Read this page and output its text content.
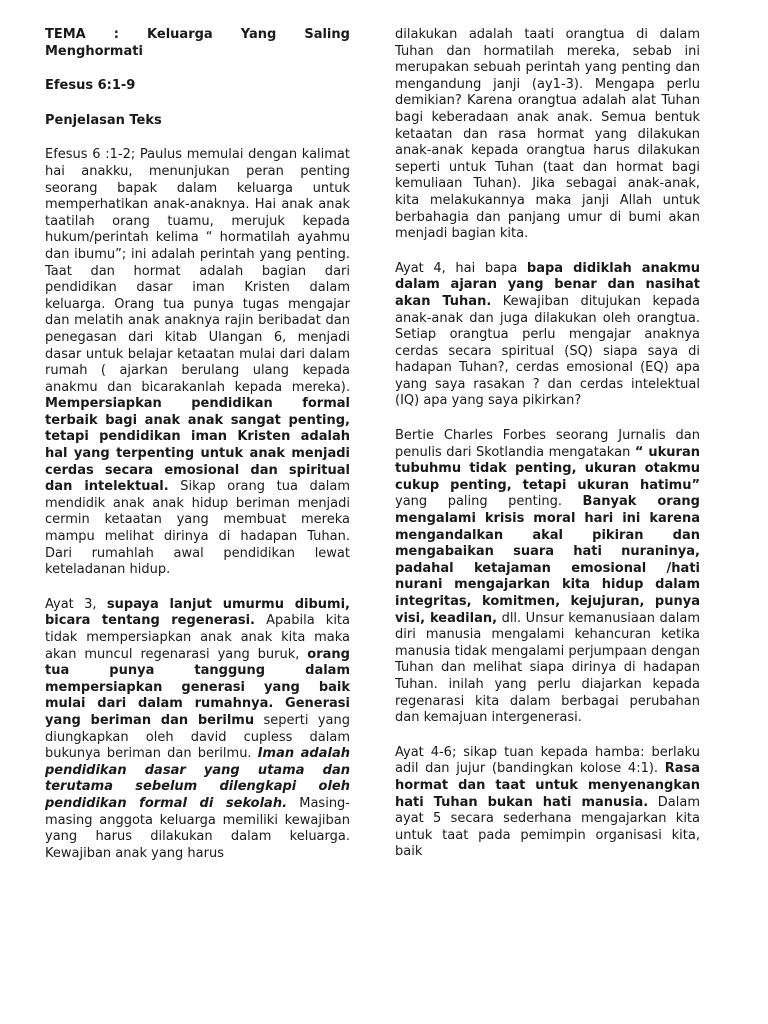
TEMA : Keluarga Yang Saling
Menghormati
Efesus 6:1-9
Penjelasan Teks

Efesus 6 :1-2; Paulus memulai dengan kalimat hai anakku, menunjukan peran penting seorang bapak dalam keluarga untuk memperhatikan anak-anaknya. Hai anak anak taatilah orang tuamu, merujuk kepada hukum/perintah kelima “ hormatilah ayahmu dan ibumu”; ini adalah perintah yang penting. Taat dan hormat adalah bagian dari pendidikan dasar iman Kristen dalam keluarga. Orang tua punya tugas mengajar dan melatih anak anaknya rajin beribadat dan penegasan dari kitab Ulangan 6, menjadi dasar untuk belajar ketaatan mulai dari dalam rumah ( ajarkan berulang ulang kepada anakmu dan bicarakanlah kepada mereka). Mempersiapkan pendidikan formal terbaik bagi anak anak sangat penting, tetapi pendidikan iman Kristen adalah hal yang terpenting untuk anak menjadi cerdas secara emosional dan spiritual dan intelektual. Sikap orang tua dalam mendidik anak anak hidup beriman menjadi cermin ketaatan yang membuat mereka mampu melihat dirinya di hadapan Tuhan. Dari rumahlah awal pendidikan lewat keteladanan hidup.

Ayat 3, supaya lanjut umurmu dibumi, bicara tentang regenerasi. Apabila kita tidak mempersiapkan anak anak kita maka akan muncul regenarasi yang buruk, orang tua punya tanggung dalam mempersiapkan generasi yang baik mulai dari dalam rumahnya. Generasi yang beriman dan berilmu seperti yang diungkapkan oleh david cupless dalam bukunya beriman dan berilmu. Iman adalah pendidikan dasar yang utama dan terutama sebelum dilengkapi oleh pendidikan formal di sekolah. Masing-masing anggota keluarga memiliki kewajiban yang harus dilakukan dalam keluarga. Kewajiban anak yang harus

dilakukan adalah taati orangtua di dalam Tuhan dan hormatilah mereka, sebab ini merupakan sebuah perintah yang penting dan mengandung janji (ay1-3). Mengapa perlu demikian? Karena orangtua adalah alat Tuhan bagi keberadaan anak anak. Semua bentuk ketaatan dan rasa hormat yang dilakukan anak-anak kepada orangtua harus dilakukan seperti untuk Tuhan (taat dan hormat bagi kemuliaan Tuhan). Jika sebagai anak-anak, kita melakukannya maka janji Allah untuk berbahagia dan panjang umur di bumi akan menjadi bagian kita.

Ayat 4, hai bapa bapa didiklah anakmu dalam ajaran yang benar dan nasihat akan Tuhan. Kewajiban ditujukan kepada anak-anak dan juga dilakukan oleh orangtua. Setiap orangtua perlu mengajar anaknya cerdas secara spiritual (SQ) siapa saya di hadapan Tuhan?, cerdas emosional (EQ) apa yang saya rasakan ? dan cerdas intelektual (IQ) apa yang saya pikirkan?

Bertie Charles Forbes seorang Jurnalis dan penulis dari Skotlandia mengatakan “ ukuran tubuhmu tidak penting, ukuran otakmu cukup penting, tetapi ukuran hatimu” yang paling penting. Banyak orang mengalami krisis moral hari ini karena mengandalkan akal pikiran dan mengabaikan suara hati nuraninya, padahal ketajaman emosional /hati nurani mengajarkan kita hidup dalam integritas, komitmen, kejujuran, punya visi, keadilan, dll. Unsur kemanusiaan dalam diri manusia mengalami kehancuran ketika manusia tidak mengalami perjumpaan dengan Tuhan dan melihat siapa dirinya di hadapan Tuhan. inilah yang perlu diajarkan kepada regenarasi kita dalam berbagai perubahan dan kemajuan intergenerasi.

Ayat 4-6; sikap tuan kepada hamba: berlaku adil dan jujur (bandingkan kolose 4:1). Rasa hormat dan taat untuk menyenangkan hati Tuhan bukan hati manusia. Dalam ayat 5 secara sederhana mengajarkan kita untuk taat pada pemimpin organisasi kita, baik
